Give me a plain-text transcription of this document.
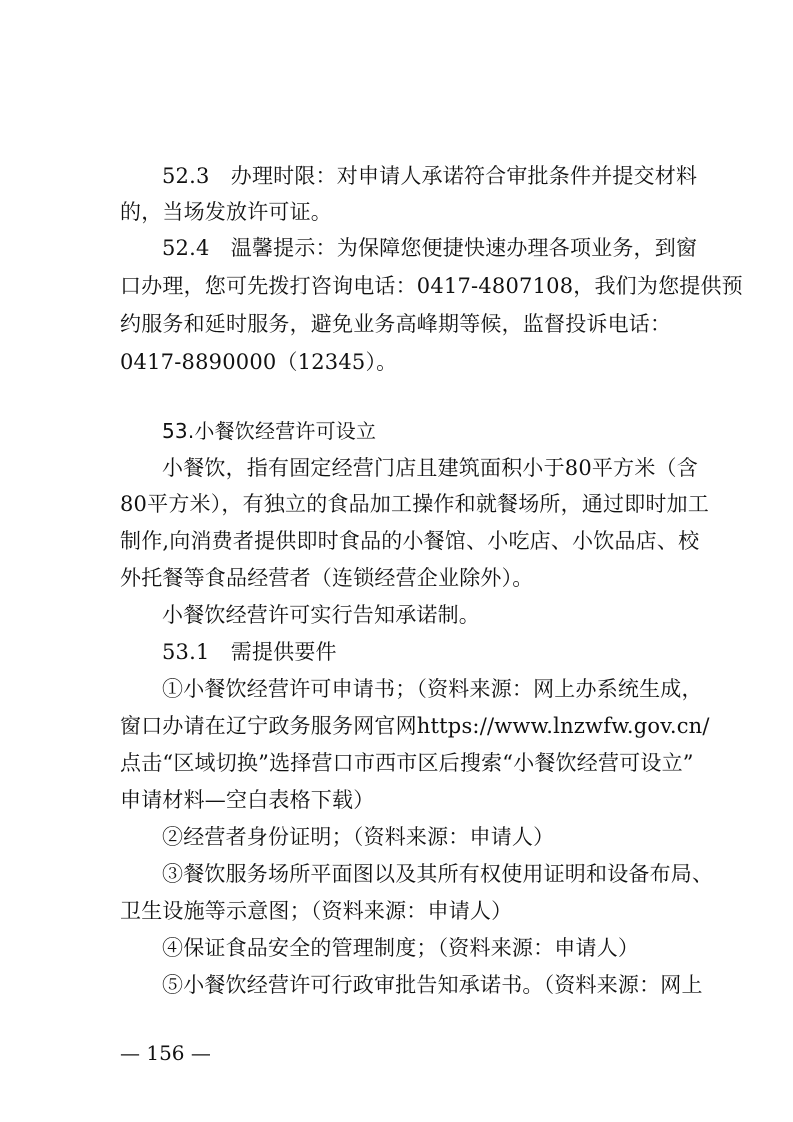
52.3　办理时限：对申请人承诺符合审批条件并提交材料
的，当场发放许可证。
52.4　温馨提示：为保障您便捷快速办理各项业务，到窗
口办理，您可先拨打咨询电话：0417-4807108，我们为您提供预
约服务和延时服务，避免业务高峰期等候，监督投诉电话：
0417-8890000（12345）。
53.小餐饮经营许可设立
小餐饮，指有固定经营门店且建筑面积小于80平方米（含
80平方米），有独立的食品加工操作和就餐场所，通过即时加工
制作,向消费者提供即时食品的小餐馆、小吃店、小饮品店、校
外托餐等食品经营者（连锁经营企业除外）。
小餐饮经营许可实行告知承诺制。
53.1　需提供要件
①小餐饮经营许可申请书；（资料来源：网上办系统生成，
窗口办请在辽宁政务服务网官网https://www.lnzwfw.gov.cn/
点击“区域切换”选择营口市西市区后搜索“小餐饮经营可设立”
申请材料—空白表格下载）
②经营者身份证明；（资料来源：申请人）
③餐饮服务场所平面图以及其所有权使用证明和设备布局、
卫生设施等示意图；（资料来源：申请人）
④保证食品安全的管理制度；（资料来源：申请人）
⑤小餐饮经营许可行政审批告知承诺书。（资料来源：网上
— 156 —
